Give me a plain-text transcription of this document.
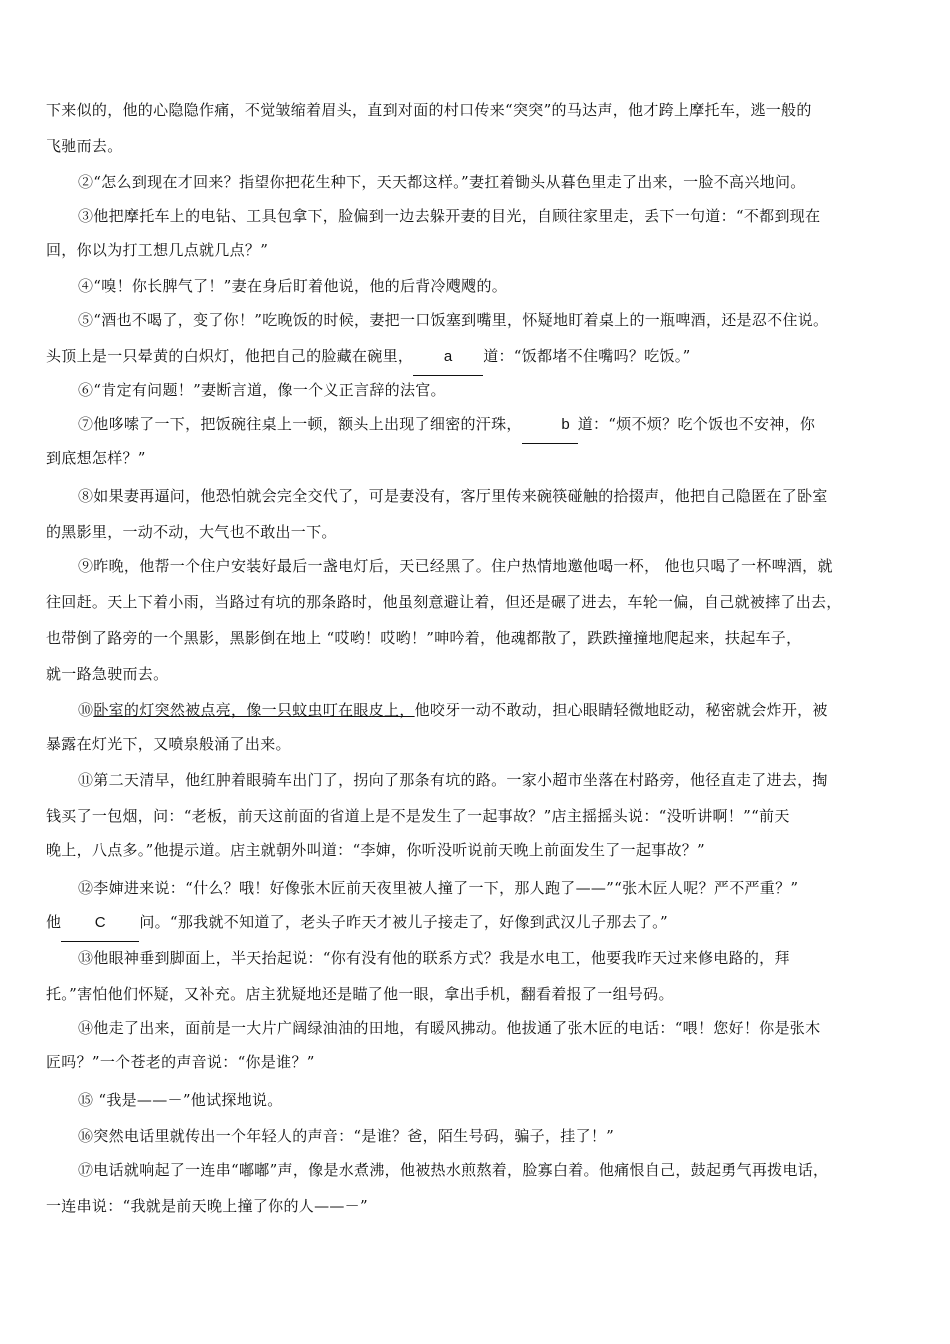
下来似的，他的心隐隐作痛，不觉皱缩着眉头，直到对面的村口传来“突突”的马达声，他才跨上摩托车，逃一般的

飞驰而去。

②“怎么到现在才回来？指望你把花生种下，天天都这样。”妻扛着锄头从暮色里走了出来，一脸不高兴地问。

③他把摩托车上的电钻、工具包拿下，脸偏到一边去躲开妻的目光，自顾往家里走，丢下一句道：“不都到现在

回，你以为打工想几点就几点？”

④“嗅！你长脾气了！”妻在身后盯着他说，他的后背冷飕飕的。

⑤“酒也不喝了，变了你！”吃晚饭的时候，妻把一口饭塞到嘴里，怀疑地盯着桌上的一瓶啤酒，还是忍不住说。

头顶上是一只晕黄的白炽灯，他把自己的脸藏在碗里， a 道：“饭都堵不住嘴吗？吃饭。”

⑥“肯定有问题！”妻断言道，像一个义正言辞的法官。

⑦他哆嗦了一下，把饭碗往桌上一顿，额头上出现了细密的汗珠，	b 道：“烦不烦？吃个饭也不安神，你

到底想怎样？”

⑧如果妻再逼问，他恐怕就会完全交代了，可是妻没有，客厅里传来碗筷碰触的拾掇声，他把自己隐匿在了卧室

的黑影里，一动不动，大气也不敢出一下。

⑨昨晚，他帮一个住户安装好最后一盏电灯后，天已经黑了。住户热情地邀他喝一杯， 他也只喝了一杯啤酒，就

往回赶。天上下着小雨，当路过有坑的那条路时，他虽刻意避让着，但还是碾了进去，车轮一偏，自己就被摔了出去，

也带倒了路旁的一个黑影，黑影倒在地上 “哎哟！哎哟！”呻吟着，他魂都散了，跌跌撞撞地爬起来，扶起车子，

就一路急驶而去。

⑩卧室的灯突然被点亮，像一只蚊虫叮在眼皮上，他咬牙一动不敢动，担心眼睛轻微地眨动，秘密就会炸开，被

暴露在灯光下，又喷泉般涌了出来。

⑪第二天清早，他红肿着眼骑车出门了，拐向了那条有坑的路。一家小超市坐落在村路旁，他径直走了进去，掏

钱买了一包烟，问：“老板，前天这前面的省道上是不是发生了一起事故？”店主摇摇头说：“没听讲啊！”“前天

晚上，八点多。”他提示道。店主就朝外叫道：“李婶，你听没听说前天晚上前面发生了一起事故？”

⑫李婶进来说：“什么？哦！好像张木匠前天夜里被人撞了一下，那人跑了——”“张木匠人呢？严不严重？”

他 C 问。“那我就不知道了，老头子昨天才被儿子接走了，好像到武汉儿子那去了。”

⑬他眼神垂到脚面上，半天抬起说：“你有没有他的联系方式？我是水电工，他要我昨天过来修电路的，拜

托。”害怕他们怀疑，又补充。店主犹疑地还是瞄了他一眼，拿出手机，翻看着报了一组号码。

⑭他走了出来，面前是一大片广阔绿油油的田地，有暖风拂动。他拔通了张木匠的电话：“喂！您好！你是张木

匠吗？”一个苍老的声音说：“你是谁？”

⑮ “我是——－”他试探地说。

⑯突然电话里就传出一个年轻人的声音：“是谁？爸，陌生号码，骗子，挂了！”

⑰电话就响起了一连串“嘟嘟”声，像是水煮沸，他被热水煎熬着，脸寡白着。他痛恨自己，鼓起勇气再拨电话，

一连串说：“我就是前天晚上撞了你的人——－”
